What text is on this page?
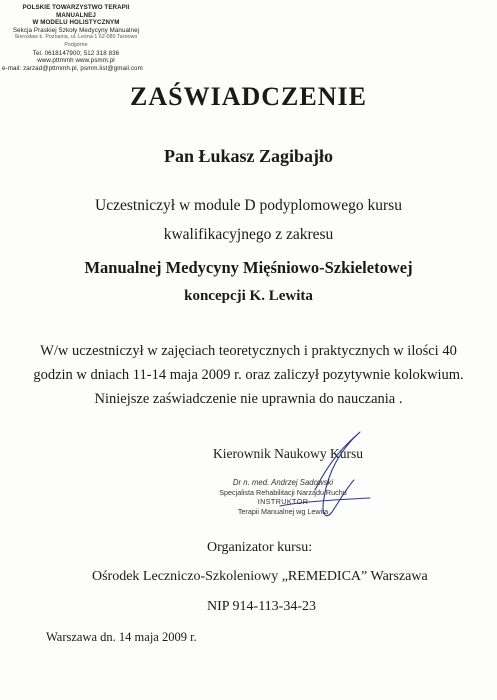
POLSKIE TOWARZYSTWO TERAPII MANUALNEJ
W MODELU HOLISTYCZNYM
Sekcja Praskiej Szkoły Medycyny Manualnej
Sierosław k. Poznania, ul. Leśna 1 62-080 Tarnowo Podgórne
Tel. 0618147900; 512 318 836
www.pttmmh www.psmm.pl
e-mail: zarzad@pttmmh.pl, psmm.list@gmail.com
ZAŚWIADCZENIE
Pan Łukasz Zagibajło
Uczestniczył w module D podyplomowego kursu
kwalifikacyjnego z zakresu
Manualnej Medycyny Mięśniowo-Szkieletowej
koncepcji K. Lewita
W/w uczestniczył w zajęciach teoretycznych i praktycznych w ilości 40
godzin w dniach 11-14 maja 2009 r. oraz zaliczył pozytywnie kolokwium.
Niniejsze zaświadczenie nie uprawnia do nauczania .
Kierownik Naukowy Kursu
Dr n. med. Andrzej Sadowski
Specjalista Rehabilitacji Narządu Ruchu
INSTRUKTOR
Terapii Manualnej wg Lewita
Organizator kursu:
Ośrodek Leczniczo-Szkoleniowy „REMEDICA” Warszawa
NIP 914-113-34-23
Warszawa dn. 14 maja 2009 r.
